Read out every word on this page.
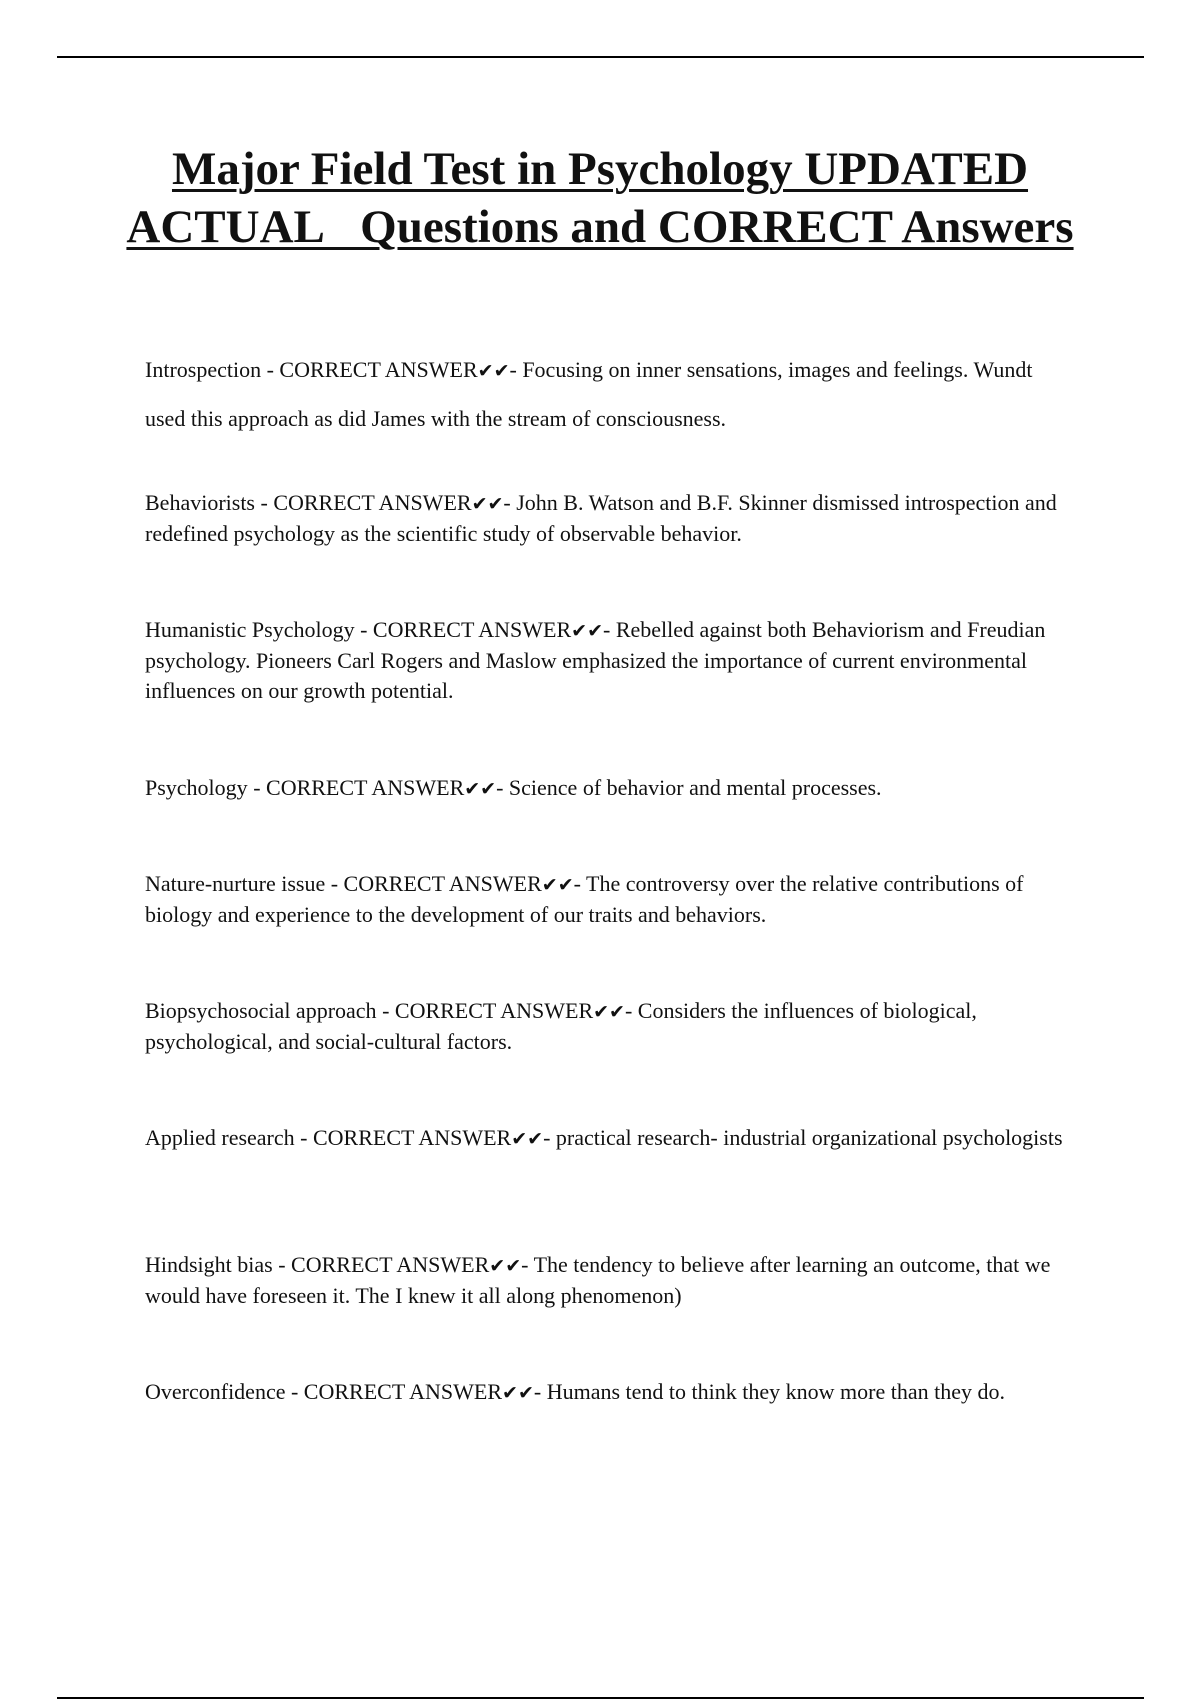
Major Field Test in Psychology UPDATED ACTUAL   Questions and CORRECT Answers

Introspection - CORRECT ANSWER✔✔- Focusing on inner sensations, images and feelings. Wundt used this approach as did James with the stream of consciousness.

Behaviorists - CORRECT ANSWER✔✔- John B. Watson and B.F. Skinner dismissed introspection and redefined psychology as the scientific study of observable behavior.

Humanistic Psychology - CORRECT ANSWER✔✔- Rebelled against both Behaviorism and Freudian psychology. Pioneers Carl Rogers and Maslow emphasized the importance of current environmental influences on our growth potential.

Psychology - CORRECT ANSWER✔✔- Science of behavior and mental processes.

Nature-nurture issue - CORRECT ANSWER✔✔- The controversy over the relative contributions of biology and experience to the development of our traits and behaviors.

Biopsychosocial approach - CORRECT ANSWER✔✔- Considers the influences of biological, psychological, and social-cultural factors.

Applied research - CORRECT ANSWER✔✔- practical research- industrial organizational psychologists

Hindsight bias - CORRECT ANSWER✔✔- The tendency to believe after learning an outcome, that we would have foreseen it. The I knew it all along phenomenon)

Overconfidence - CORRECT ANSWER✔✔- Humans tend to think they know more than they do.
